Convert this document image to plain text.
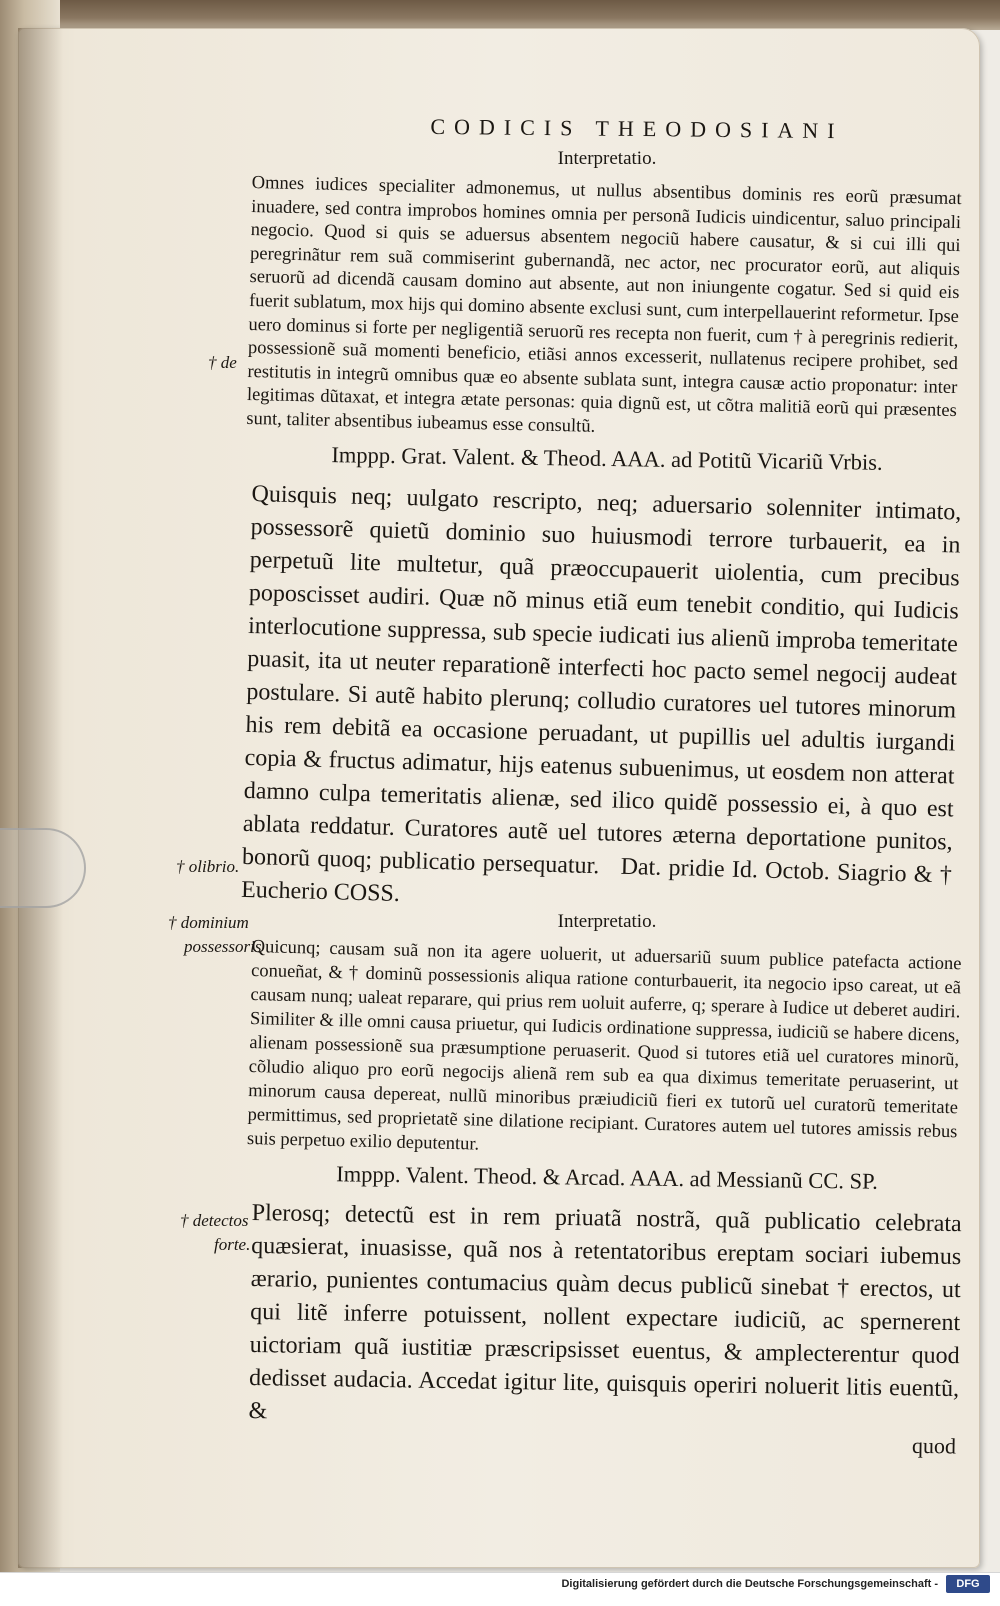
CODICIS THEODOSIANI
Interpretatio.

Omnes iudices specialiter admonemus, ut nullus absentibus dominis res eorũ præsumat inuadere, sed contra improbos homines omnia per personã Iudicis uindicentur, saluo principali negocio. Quod si quis se aduersus absentem negociũ habere causatur, & si cui illi qui peregrinãtur rem suã commiserint gubernandã, nec actor, nec procurator eorũ, aut aliquis seruorũ ad dicendã causam domino aut absente, aut non iniungente cogatur. Sed si quid eis fuerit sublatum, mox hijs qui domino absente exclusi sunt, cum interpellauerint reformetur. Ipse uero dominus si forte per negligentiã seruorũ res recepta non fuerit, cum † à peregrinis redierit, possessionẽ suã momenti beneficio, etiãsi annos excesserit, nullatenus recipere prohibet, sed restitutis in integrũ omnibus quæ eo absente sublata sunt, integra causæ actio proponatur: inter legitimas dũtaxat, et integra ætate personas: quia dignũ est, ut cõtra malitiã eorũ qui præsentes sunt, taliter absentibus iubeamus esse consultũ.

Imppp. Grat. Valent. & Theod. AAA. ad Potitũ Vicariũ Vrbis.

Quisquis neq; uulgato rescripto, neq; aduersario solenniter intimato, possessorẽ quietũ dominio suo huiusmodi terrore turbauerit, ea in perpetuũ lite multetur, quã præoccupauerit uiolentia, cum precibus poposcisset audiri. Quæ nõ minus etiã eum tenebit conditio, qui Iudicis interlocutione suppressa, sub specie iudicati ius alienũ improba temeritate puasit, ita ut neuter reparationẽ interfecti hoc pacto semel negocij audeat postulare. Si autẽ habito plerunq; colludio curatores uel tutores minorum his rem debitã ea occasione peruadant, ut pupillis uel adultis iurgandi copia & fructus adimatur, hijs eatenus subuenimus, ut eosdem non atterat damno culpa temeritatis alienæ, sed ilico quidẽ possessio ei, à quo est ablata reddatur. Curatores autẽ uel tutores æterna deportatione punitos, bonorũ quoq; publicatio persequatur. Dat. pridie Id. Octob. Siagrio & † Eucherio COSS.

Interpretatio.

Quicunq; causam suã non ita agere uoluerit, ut aduersariũ suum publice patefacta actione conueñat, & † dominũ possessionis aliqua ratione conturbauerit, ita negocio ipso careat, ut eã causam nunq; ualeat reparare, qui prius rem uoluit auferre, q; sperare à Iudice ut deberet audiri. Similiter & ille omni causa priuetur, qui Iudicis ordinatione suppressa, iudiciũ se habere dicens, alienam possessionẽ sua præsumptione peruaserit. Quod si tutores etiã uel curatores minorũ, cõludio aliquo pro eorũ negocijs alienã rem sub ea qua diximus temeritate peruaserint, ut minorum causa depereat, nullũ minoribus præiudiciũ fieri ex tutorũ uel curatorũ temeritate permittimus, sed proprietatẽ sine dilatione recipiant. Curatores autem uel tutores amissis rebus suis perpetuo exilio deputentur.

Imppp. Valent. Theod. & Arcad. AAA. ad Messianũ CC. SP.

Plerosq; detectũ est in rem priuatã nostrã, quã publicatio celebrata quæsierat, inuasisse, quã nos à retentatoribus ereptam sociari iubemus ærario, punientes contumacius quàm decus publicũ sinebat † erectos, ut qui litẽ inferre potuissent, nollent expectare iudiciũ, ac spernerent uictoriam quã iustitiæ præscripsisset euentus, & amplecterentur quod dedisset audacia. Accedat igitur lite, quisquis operiri noluerit litis euentũ, &

quod
† de
† olibrio.
† dominium
possessoris
† detectos
forte.
Digitalisierung gefördert durch die Deutsche Forschungsgemeinschaft -	DFG
